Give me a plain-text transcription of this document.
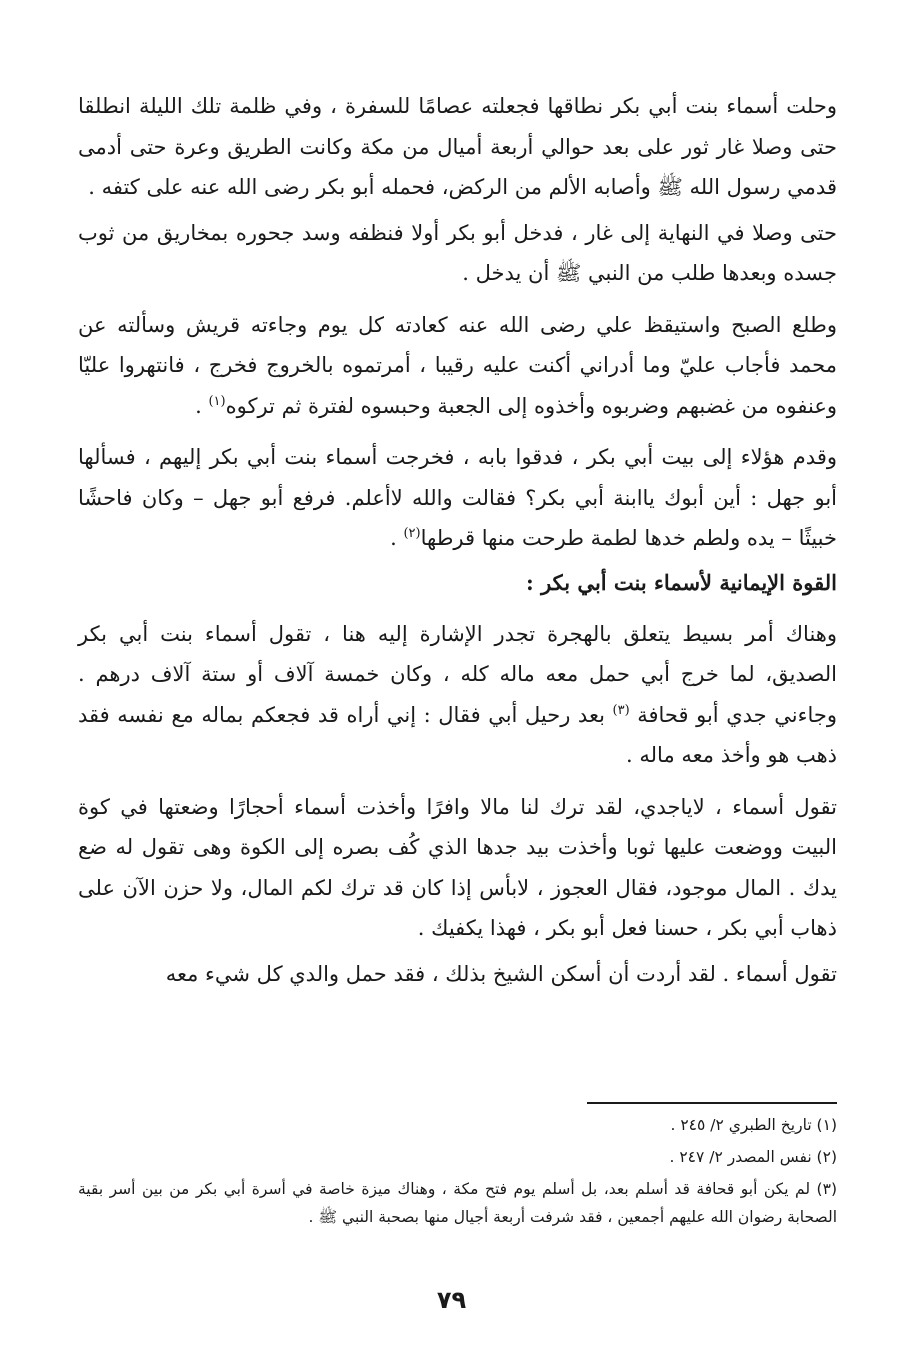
وحلت أسماء بنت أبي بكر نطاقها فجعلته عصامًا للسفرة ، وفي ظلمة تلك الليلة انطلقا حتى وصلا غار ثور على بعد حوالي أربعة أميال من مكة وكانت الطريق وعرة حتى أدمى قدمي رسول الله ﷺ وأصابه الألم من الركض، فحمله أبو بكر رضى الله عنه على كتفه .

حتى وصلا في النهاية إلى غار ، فدخل أبو بكر أولا فنظفه وسد جحوره بمخاريق من ثوب جسده وبعدها طلب من النبي ﷺ أن يدخل .

وطلع الصبح واستيقظ علي رضى الله عنه كعادته كل يوم وجاءته قريش وسألته عن محمد فأجاب عليّ وما أدراني أكنت عليه رقيبا ، أمرتموه بالخروج فخرج ، فانتهروا عليّا وعنفوه من غضبهم وضربوه وأخذوه إلى الجعبة وحبسوه لفترة ثم تركوه$^{(١)}$ .

وقدم هؤلاء إلى بيت أبي بكر ، فدقوا بابه ، فخرجت أسماء بنت أبي بكر إليهم ، فسألها أبو جهل : أين أبوك ياابنة أبي بكر؟ فقالت والله لاأعلم. فرفع أبو جهل – وكان فاحشًا خبيثًا – يده ولطم خدها لطمة طرحت منها قرطها$^{(٢)}$ .

القوة الإيمانية لأسماء بنت أبي بكر :

وهناك أمر بسيط يتعلق بالهجرة تجدر الإشارة إليه هنا ، تقول أسماء بنت أبي بكر الصديق، لما خرج أبي حمل معه ماله كله ، وكان خمسة آلاف أو ستة آلاف درهم . وجاءني جدي أبو قحافة $^{(٣)}$ بعد رحيل أبي فقال : إني أراه قد فجعكم بماله مع نفسه فقد ذهب هو وأخذ معه ماله .

تقول أسماء ، لاياجدي، لقد ترك لنا مالا وافرًا وأخذت أسماء أحجارًا وضعتها في كوة البيت ووضعت عليها ثوبا وأخذت بيد جدها الذي كُف بصره إلى الكوة وهى تقول له ضع يدك . المال موجود، فقال العجوز ، لابأس إذا كان قد ترك لكم المال، ولا حزن الآن على ذهاب أبي بكر ، حسنا فعل أبو بكر ، فهذا يكفيك .

تقول أسماء . لقد أردت أن أسكن الشيخ بذلك ، فقد حمل والدي كل شيء معه

(١) تاريخ الطبري ٢/ ٢٤٥ .

(٢) نفس المصدر ٢/ ٢٤٧ .

(٣) لم يكن أبو قحافة قد أسلم بعد، بل أسلم يوم فتح مكة ، وهناك ميزة خاصة في أسرة أبي بكر من بين أسر بقية الصحابة رضوان الله عليهم أجمعين ، فقد شرفت أربعة أجيال منها بصحبة النبي ﷺ .

٧٩
